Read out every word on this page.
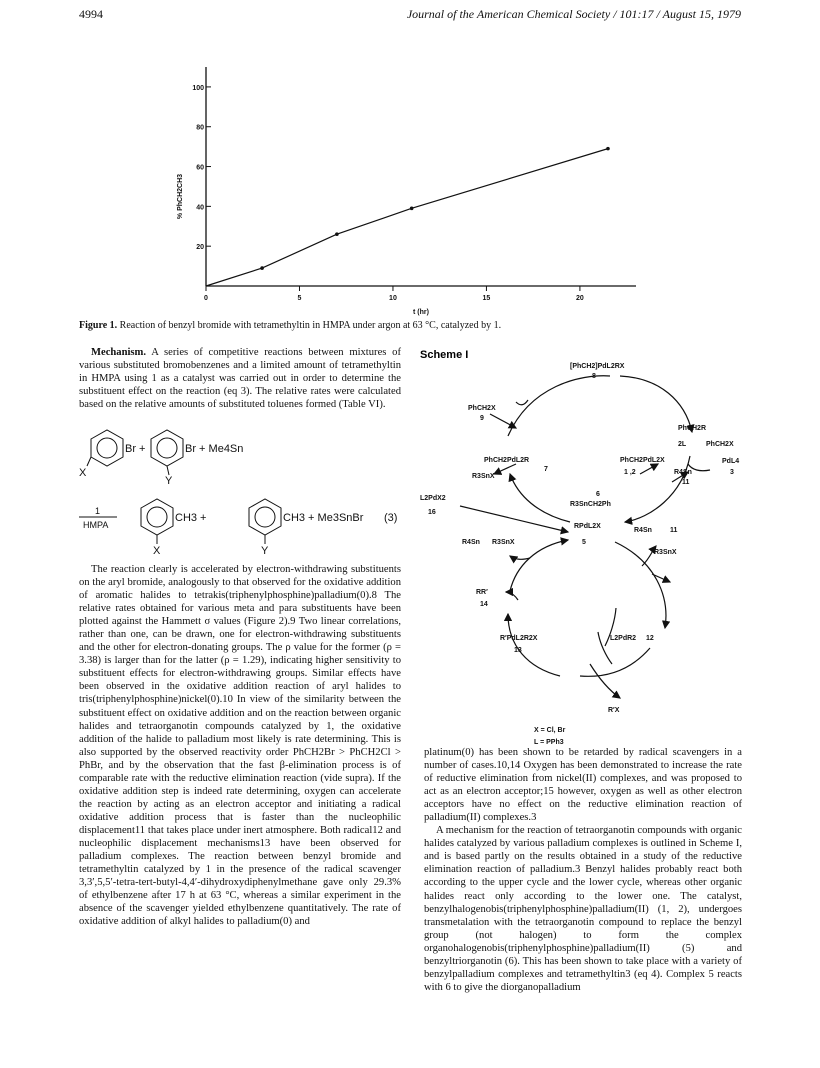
4994	Journal of the American Chemical Society / 101:17 / August 15, 1979
0	5	10	15	20
20
40
60
80
100
t (hr)
% PhCH2CH3
Figure 1. Reaction of benzyl bromide with tetramethyltin in HMPA under argon at 63 °C, catalyzed by 1.

Mechanism. A series of competitive reactions between mixtures of various substituted bromobenzenes and a limited amount of tetramethyltin in HMPA using 1 as a catalyst was carried out in order to determine the substituent effect on the reaction (eq 3). The relative rates were calculated based on the relative amounts of substituted toluenes formed (Table VI).

Br +	Br + Me4Sn
X
Y
1
HMPA
CH3 +	CH3 + Me3SnBr (3)
X	Y

The reaction clearly is accelerated by electron-withdrawing substituents on the aryl bromide, analogously to that observed for the oxidative addition of aromatic halides to tetrakis(triphenylphosphine)palladium(0).8 The relative rates obtained for various meta and para substituents have been plotted against the Hammett σ values (Figure 2).9 Two linear correlations, rather than one, can be drawn, one for electron-withdrawing substituents and the other for electron-donating groups. The ρ value for the former (ρ = 3.38) is larger than for the latter (ρ = 1.29), indicating higher sensitivity to substituent effects for electron-withdrawing groups. Similar effects have been observed in the oxidative addition reaction of aryl halides to tris(triphenylphosphine)nickel(0).10 In view of the similarity between the substituent effect on oxidative addition and on the reaction between organic halides and tetraorganotin compounds catalyzed by 1, the oxidative addition of the halide to palladium most likely is rate determining. This is also supported by the observed reactivity order PhCH2Br > PhCH2Cl > PhBr, and by the observation that the fast β-elimination process is of comparable rate with the reductive elimination reaction (vide supra). If the oxidative addition step is indeed rate determining, oxygen can accelerate the reaction by acting as an electron acceptor and initiating a radical oxidative addition process that is faster than the nucleophilic displacement11 that takes place under inert atmosphere. Both radical12 and nucleophilic displacement mechanisms13 have been observed for palladium complexes. The reaction between benzyl bromide and tetramethyltin catalyzed by 1 in the presence of the radical scavenger 3,3′,5,5′-tetra-tert-butyl-4,4′-dihydroxydiphenylmethane gave only 29.3% of ethylbenzene after 17 h at 63 °C, whereas a similar experiment in the absence of the scavenger yielded ethylbenzene quantitatively. The rate of oxidative addition of alkyl halides to palladium(0) and

Scheme I
[PhCH2]PdL2RX
8
PhCH2X
9
PhCH2R
2L	PhCH2X
PhCH2PdL2R
7
PhCH2PdL2X	PdL4
3
R3SnX
1 ,2	R4Sn
11
6
R3SnCH2Ph
L2PdX2
16
RPdL2X
5
R4Sn R3SnX
R4Sn	11
R3SnX
RR′
14
R′PdL2R2X
13
L2PdR2 12
R′X
X = Cl, Br
L = PPh3

platinum(0) has been shown to be retarded by radical scavengers in a number of cases.10,14 Oxygen has been demonstrated to increase the rate of reductive elimination from nickel(II) complexes, and was proposed to act as an electron acceptor;15 however, oxygen as well as other electron acceptors have no effect on the reductive elimination reaction of palladium(II) complexes.3

A mechanism for the reaction of tetraorganotin compounds with organic halides catalyzed by various palladium complexes is outlined in Scheme I, and is based partly on the results obtained in a study of the reductive elimination reaction of palladium.3 Benzyl halides probably react both according to the upper cycle and the lower cycle, whereas other organic halides react only according to the lower one. The catalyst, benzylhalogenobis(triphenylphosphine)palladium(II) (1, 2), undergoes transmetalation with the tetraorganotin compound to replace the benzyl group (not halogen) to form the complex organohalogenobis(triphenylphosphine)palladium(II) (5) and benzyltriorganotin (6). This has been shown to take place with a variety of benzylpalladium complexes and tetramethyltin3 (eq 4). Complex 5 reacts with 6 to give the diorganopalladium
